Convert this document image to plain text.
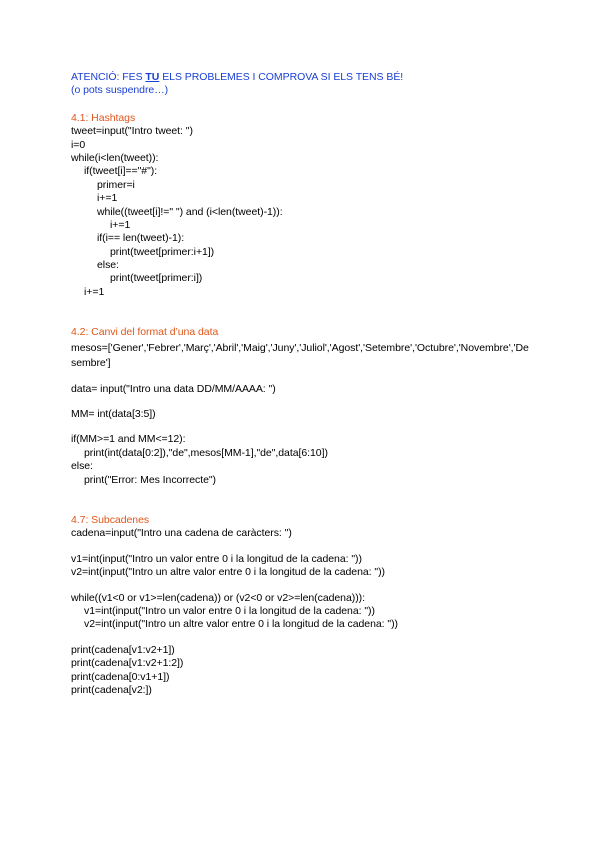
ATENCIÓ: FES TU ELS PROBLEMES I COMPROVA SI ELS TENS BÉ!
(o pots suspendre…)
4.1: Hashtags
tweet=input("Intro tweet: ")
i=0
while(i<len(tweet)):
if(tweet[i]=="#"):
primer=i
i+=1
while((tweet[i]!=" ") and (i<len(tweet)-1)):
i+=1
if(i== len(tweet)-1):
print(tweet[primer:i+1])
else:
print(tweet[primer:i])
i+=1
4.2: Canvi del format d’una data
mesos=['Gener','Febrer','Març','Abril','Maig','Juny','Juliol','Agost','Setembre','Octubre','Novembre','Desembre']
data= input("Intro una data DD/MM/AAAA: ")
MM= int(data[3:5])
if(MM>=1 and MM<=12):
print(int(data[0:2]),"de",mesos[MM-1],"de",data[6:10])
else:
print("Error: Mes Incorrecte")
4.7: Subcadenes
cadena=input("Intro una cadena de caràcters: ")
v1=int(input("Intro un valor entre 0 i la longitud de la cadena: "))
v2=int(input("Intro un altre valor entre 0 i la longitud de la cadena: "))
while((v1<0 or v1>=len(cadena)) or (v2<0 or v2>=len(cadena))):
v1=int(input("Intro un valor entre 0 i la longitud de la cadena: "))
v2=int(input("Intro un altre valor entre 0 i la longitud de la cadena: "))
print(cadena[v1:v2+1])
print(cadena[v1:v2+1:2])
print(cadena[0:v1+1])
print(cadena[v2:])
